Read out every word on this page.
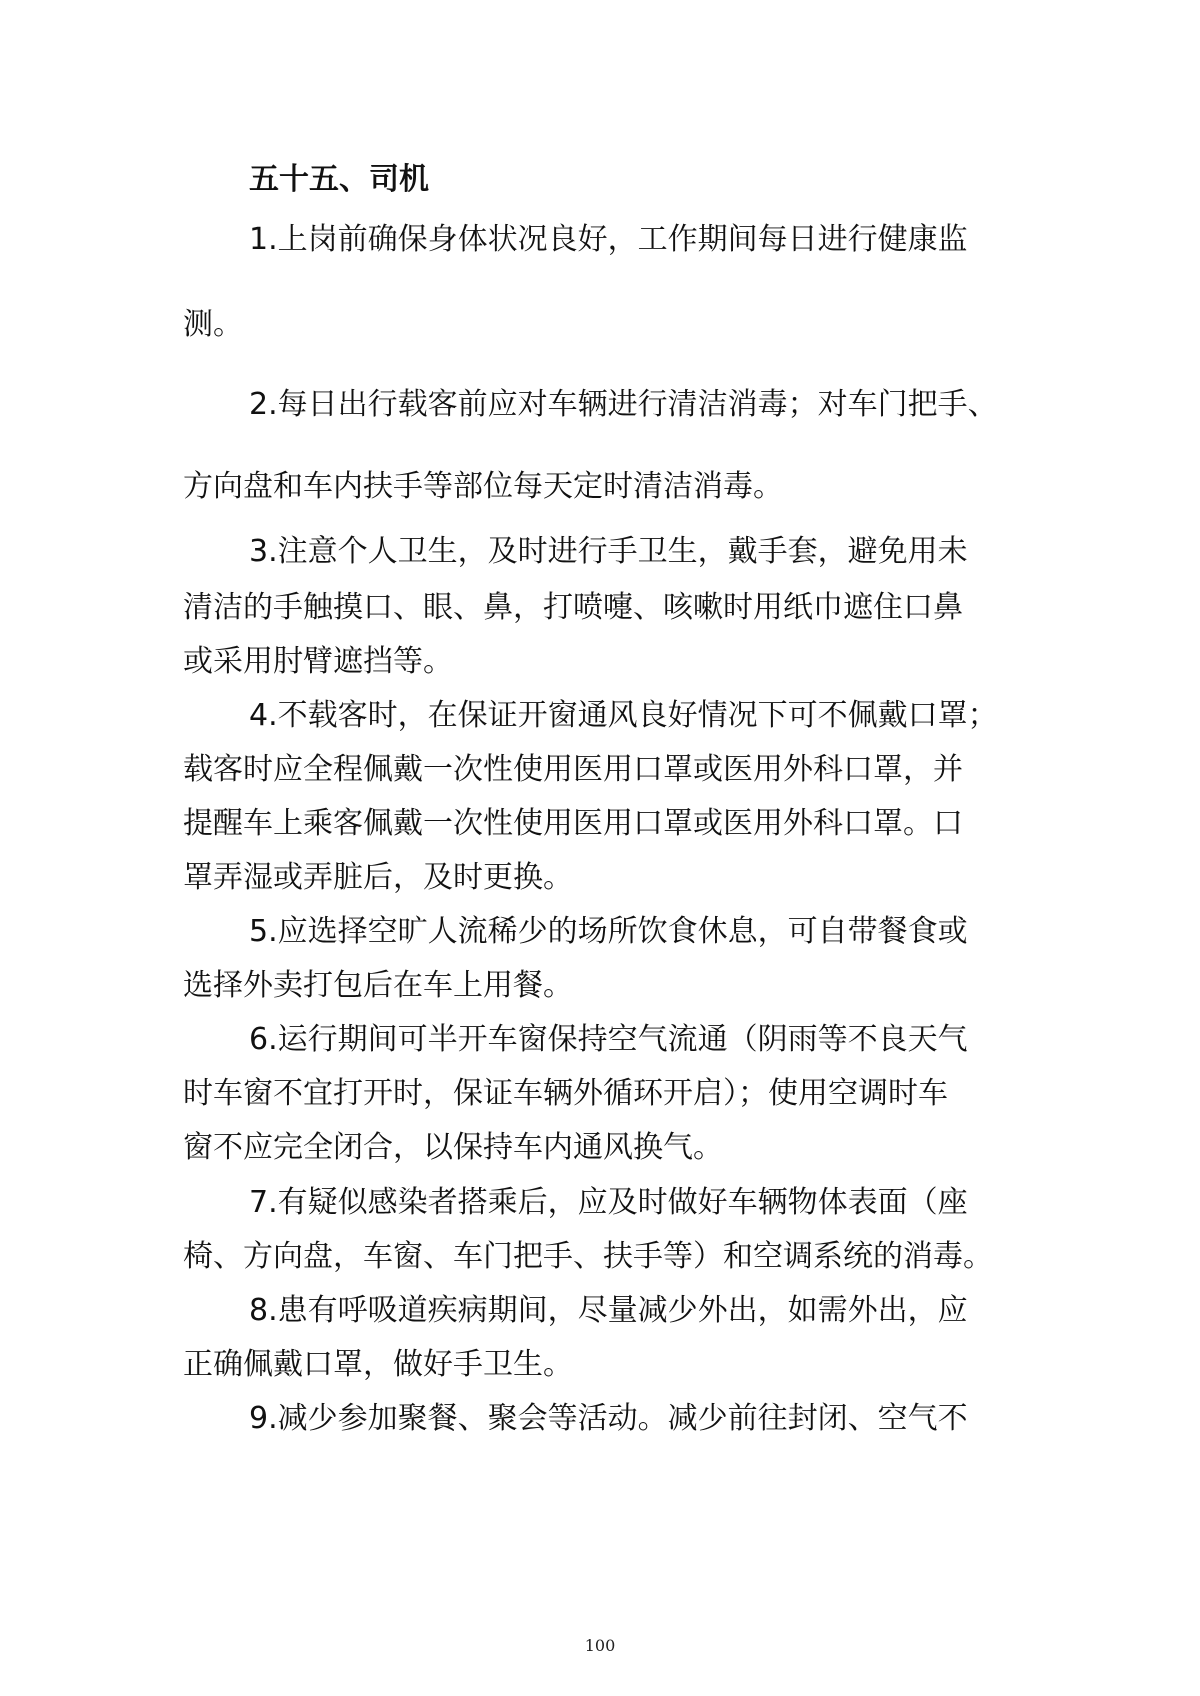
五十五、司机
1.上岗前确保身体状况良好，工作期间每日进行健康监
测。
2.每日出行载客前应对车辆进行清洁消毒；对车门把手、
方向盘和车内扶手等部位每天定时清洁消毒。
3.注意个人卫生，及时进行手卫生，戴手套，避免用未
清洁的手触摸口、眼、鼻，打喷嚏、咳嗽时用纸巾遮住口鼻
或采用肘臂遮挡等。
4.不载客时，在保证开窗通风良好情况下可不佩戴口罩；
载客时应全程佩戴一次性使用医用口罩或医用外科口罩，并
提醒车上乘客佩戴一次性使用医用口罩或医用外科口罩。口
罩弄湿或弄脏后，及时更换。
5.应选择空旷人流稀少的场所饮食休息，可自带餐食或
选择外卖打包后在车上用餐。
6.运行期间可半开车窗保持空气流通（阴雨等不良天气
时车窗不宜打开时，保证车辆外循环开启）；使用空调时车
窗不应完全闭合，以保持车内通风换气。
7.有疑似感染者搭乘后，应及时做好车辆物体表面（座
椅、方向盘，车窗、车门把手、扶手等）和空调系统的消毒。
8.患有呼吸道疾病期间，尽量减少外出，如需外出，应
正确佩戴口罩，做好手卫生。
9.减少参加聚餐、聚会等活动。减少前往封闭、空气不
100
